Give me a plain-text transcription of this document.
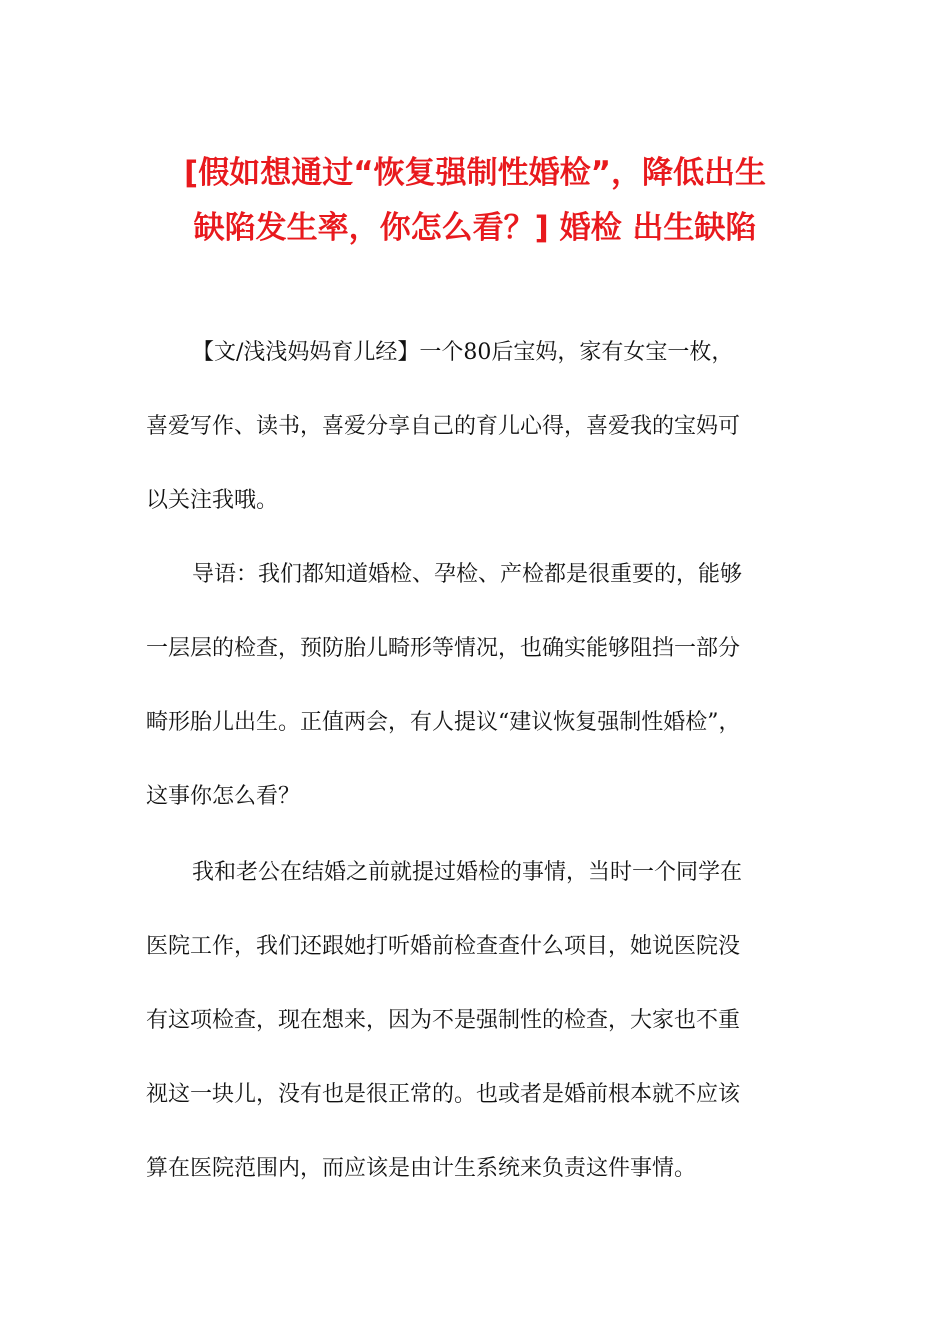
[假如想通过“恢复强制性婚检”，降低出生
缺陷发生率，你怎么看？] 婚检 出生缺陷

【文/浅浅妈妈育儿经】一个80后宝妈，家有女宝一枚，
喜爱写作、读书，喜爱分享自己的育儿心得，喜爱我的宝妈可
以关注我哦。

导语：我们都知道婚检、孕检、产检都是很重要的，能够
一层层的检查，预防胎儿畸形等情况，也确实能够阻挡一部分
畸形胎儿出生。正值两会，有人提议“建议恢复强制性婚检”，
这事你怎么看？

我和老公在结婚之前就提过婚检的事情，当时一个同学在
医院工作，我们还跟她打听婚前检查查什么项目，她说医院没
有这项检查，现在想来，因为不是强制性的检查，大家也不重
视这一块儿，没有也是很正常的。也或者是婚前根本就不应该
算在医院范围内，而应该是由计生系统来负责这件事情。
